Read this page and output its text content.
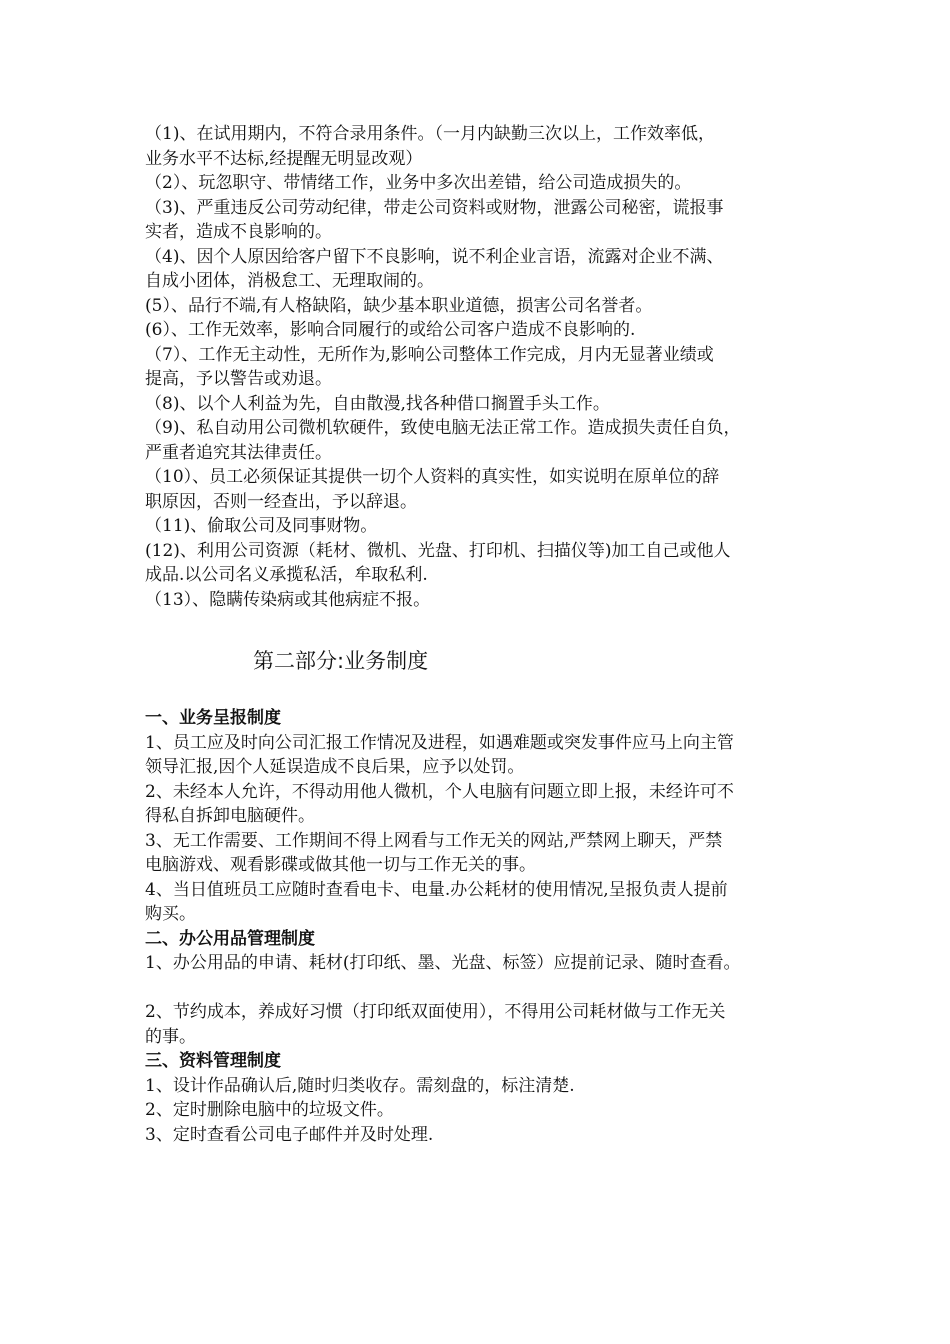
（1)、在试用期内，不符合录用条件。（一月内缺勤三次以上，工作效率低，
业务水平不达标,经提醒无明显改观）
（2）、玩忽职守、带情绪工作，业务中多次出差错，给公司造成损失的。
（3)、严重违反公司劳动纪律，带走公司资料或财物，泄露公司秘密，谎报事
实者，造成不良影响的。
（4)、因个人原因给客户留下不良影响，说不利企业言语，流露对企业不满、
自成小团体，消极怠工、无理取闹的。
(5）、品行不端,有人格缺陷，缺少基本职业道德，损害公司名誉者。
(6）、工作无效率，影响合同履行的或给公司客户造成不良影响的.
（7）、工作无主动性，无所作为,影响公司整体工作完成，月内无显著业绩或
提高，予以警告或劝退。
（8)、以个人利益为先，自由散漫,找各种借口搁置手头工作。
（9)、私自动用公司微机软硬件，致使电脑无法正常工作。造成损失责任自负，
严重者追究其法律责任。
（10）、员工必须保证其提供一切个人资料的真实性，如实说明在原单位的辞
职原因，否则一经查出，予以辞退。
（11)、偷取公司及同事财物。
(12)、利用公司资源（耗材、微机、光盘、打印机、扫描仪等)加工自己或他人
成品.以公司名义承揽私活，牟取私利.
（13）、隐瞒传染病或其他病症不报。
第二部分:业务制度
一、业务呈报制度
1、员工应及时向公司汇报工作情况及进程，如遇难题或突发事件应马上向主管
领导汇报,因个人延误造成不良后果，应予以处罚。
2、未经本人允许，不得动用他人微机，个人电脑有问题立即上报，未经许可不
得私自拆卸电脑硬件。
3、无工作需要、工作期间不得上网看与工作无关的网站,严禁网上聊天，严禁
电脑游戏、观看影碟或做其他一切与工作无关的事。
4、当日值班员工应随时查看电卡、电量.办公耗材的使用情况,呈报负责人提前
购买。
二、办公用品管理制度
1、办公用品的申请、耗材(打印纸、墨、光盘、标签）应提前记录、随时查看。
2、节约成本，养成好习惯（打印纸双面使用），不得用公司耗材做与工作无关
的事。
三、资料管理制度
1、设计作品确认后,随时归类收存。需刻盘的，标注清楚.
2、定时删除电脑中的垃圾文件。
3、定时查看公司电子邮件并及时处理.
